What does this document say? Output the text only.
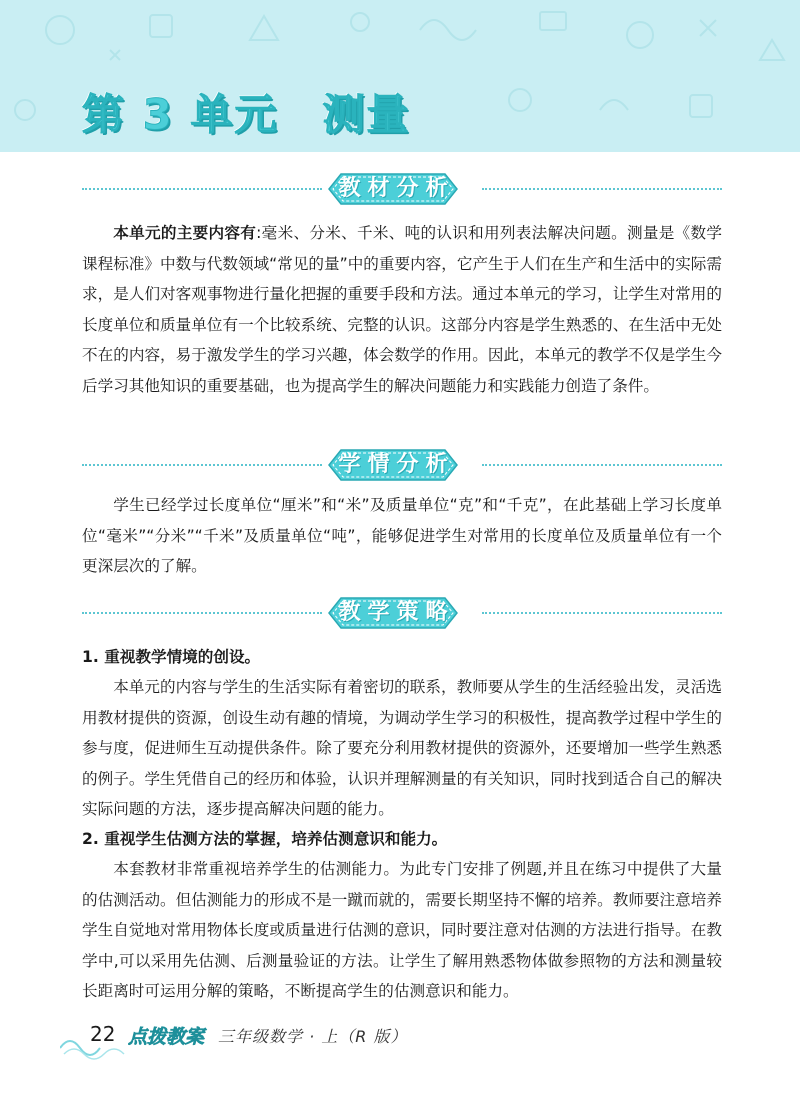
第 3 单元　测量
教材分析

本单元的主要内容有:毫米、分米、千米、吨的认识和用列表法解决问题。测量是《数学课程标准》中数与代数领域“常见的量”中的重要内容，它产生于人们在生产和生活中的实际需求，是人们对客观事物进行量化把握的重要手段和方法。通过本单元的学习，让学生对常用的长度单位和质量单位有一个比较系统、完整的认识。这部分内容是学生熟悉的、在生活中无处不在的内容，易于激发学生的学习兴趣，体会数学的作用。因此，本单元的教学不仅是学生今后学习其他知识的重要基础，也为提高学生的解决问题能力和实践能力创造了条件。

学情分析

学生已经学过长度单位“厘米”和“米”及质量单位“克”和“千克”，在此基础上学习长度单位“毫米”“分米”“千米”及质量单位“吨”，能够促进学生对常用的长度单位及质量单位有一个更深层次的了解。

教学策略

1. 重视教学情境的创设。

本单元的内容与学生的生活实际有着密切的联系，教师要从学生的生活经验出发，灵活选用教材提供的资源，创设生动有趣的情境，为调动学生学习的积极性，提高教学过程中学生的参与度，促进师生互动提供条件。除了要充分利用教材提供的资源外，还要增加一些学生熟悉的例子。学生凭借自己的经历和体验，认识并理解测量的有关知识，同时找到适合自己的解决实际问题的方法，逐步提高解决问题的能力。

2. 重视学生估测方法的掌握，培养估测意识和能力。

本套教材非常重视培养学生的估测能力。为此专门安排了例题,并且在练习中提供了大量的估测活动。但估测能力的形成不是一蹴而就的，需要长期坚持不懈的培养。教师要注意培养学生自觉地对常用物体长度或质量进行估测的意识，同时要注意对估测的方法进行指导。在教学中,可以采用先估测、后测量验证的方法。让学生了解用熟悉物体做参照物的方法和测量较长距离时可运用分解的策略，不断提高学生的估测意识和能力。

22 点拨教案 三年级数学 · 上（R 版）
